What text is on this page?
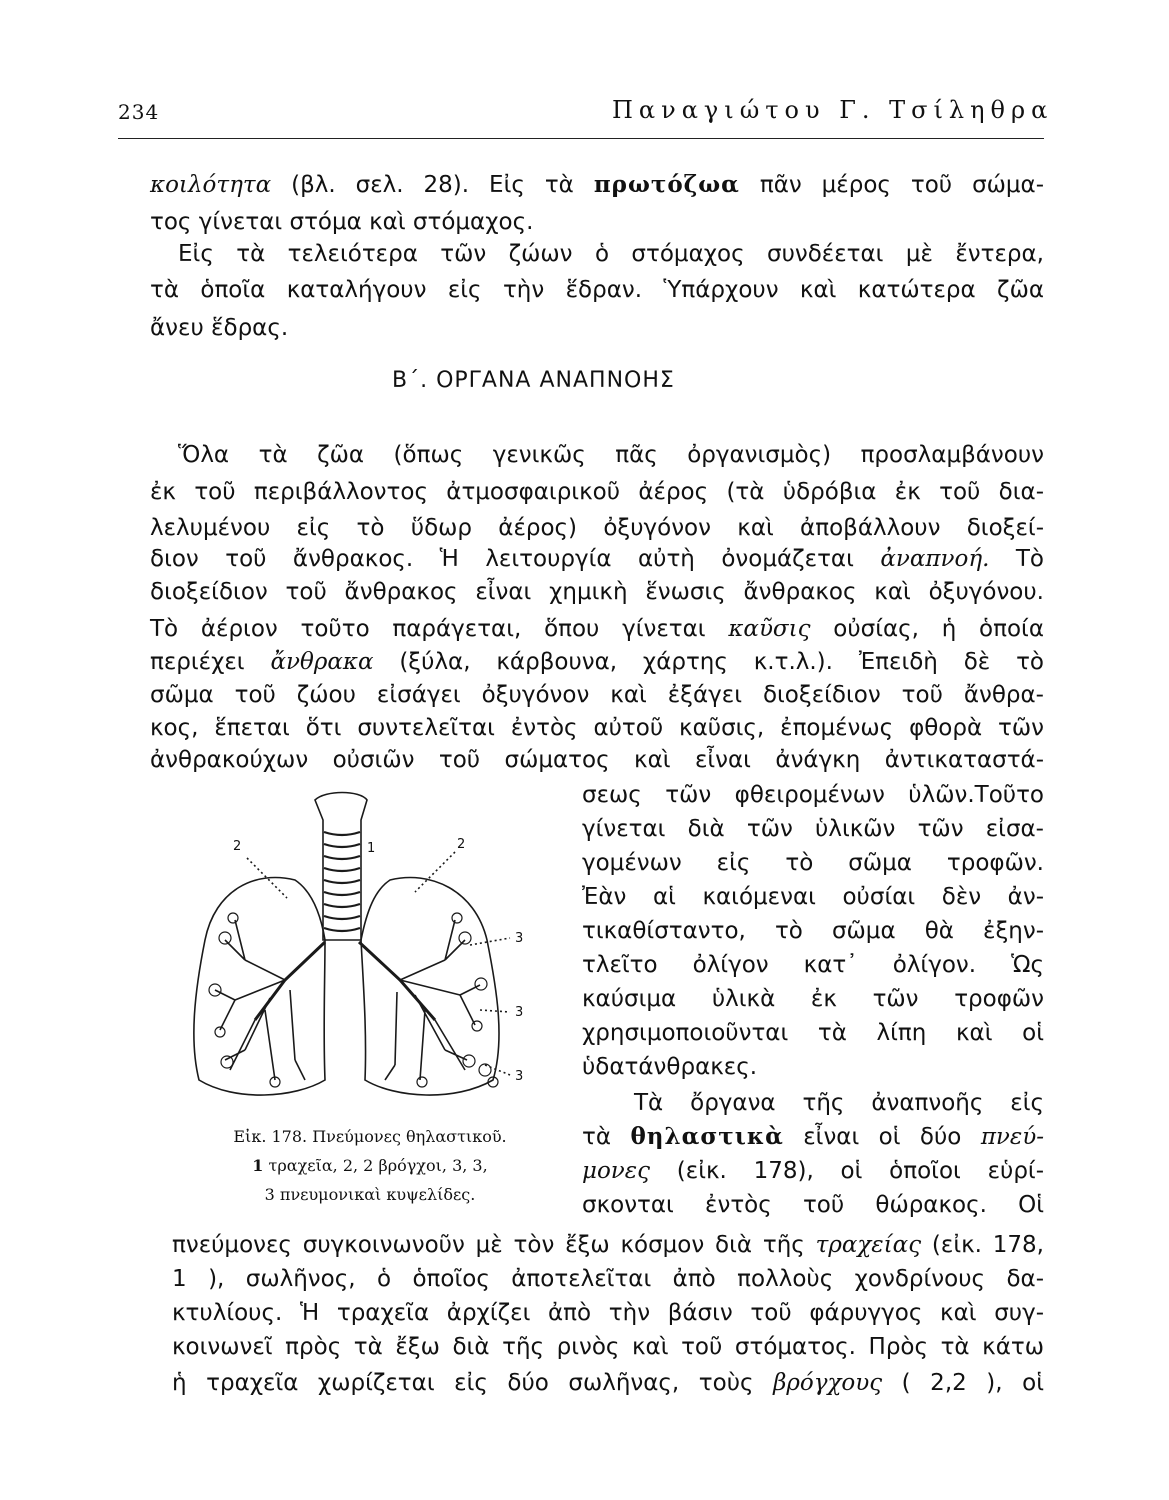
234	Παναγιώτου Γ. Τσίληθρα
κοιλότητα (βλ. σελ. 28). Εἰς τὰ πρωτόζωα πᾶν μέρος τοῦ σώμα-
τος γίνεται στόμα καὶ στόμαχος.
Εἰς τὰ τελειότερα τῶν ζώων ὁ στόμαχος συνδέεται μὲ ἔντερα,
τὰ ὁποῖα καταλήγουν εἰς τὴν ἕδραν. Ὑπάρχουν καὶ κατώτερα ζῶα
ἄνευ ἕδρας.
Β΄. ΟΡΓΑΝΑ ΑΝΑΠΝΟΗΣ
Ὅλα τὰ ζῶα (ὅπως γενικῶς πᾶς ὀργανισμὸς) προσλαμβάνουν
ἐκ τοῦ περιβάλλοντος ἀτμοσφαιρικοῦ ἀέρος (τὰ ὑδρόβια ἐκ τοῦ δια-
λελυμένου εἰς τὸ ὕδωρ ἀέρος) ὀξυγόνον καὶ ἀποβάλλουν διοξεί-
διον τοῦ ἄνθρακος. Ἡ λειτουργία αὐτὴ ὀνομάζεται ἀναπνοή. Τὸ
διοξείδιον τοῦ ἄνθρακος εἶναι χημικὴ ἕνωσις ἄνθρακος καὶ ὀξυγόνου.
Τὸ ἀέριον τοῦτο παράγεται, ὅπου γίνεται καῦσις οὐσίας, ἡ ὁποία
περιέχει ἄνθρακα (ξύλα, κάρβουνα, χάρτης κ.τ.λ.). Ἐπειδὴ δὲ τὸ
σῶμα τοῦ ζώου εἰσάγει ὀξυγόνον καὶ ἐξάγει διοξείδιον τοῦ ἄνθρα-
κος, ἕπεται ὅτι συντελεῖται ἐντὸς αὐτοῦ καῦσις, ἐπομένως φθορὰ τῶν
ἀνθρακούχων οὐσιῶν τοῦ σώματος καὶ εἶναι ἀνάγκη ἀντικαταστά-
σεως τῶν φθειρομένων ὑλῶν.Τοῦτο
γίνεται διὰ τῶν ὑλικῶν τῶν εἰσα-
γομένων εἰς τὸ σῶμα τροφῶν.
Ἐὰν αἱ καιόμεναι οὐσίαι δὲν ἀν-
τικαθίσταντο, τὸ σῶμα θὰ ἐξην-
τλεῖτο ὀλίγον κατ᾽ ὀλίγον. Ὡς
καύσιμα ὑλικὰ ἐκ τῶν τροφῶν
χρησιμοποιοῦνται τὰ λίπη καὶ οἱ
ὑδατάνθρακες.
Τὰ ὄργανα τῆς ἀναπνοῆς εἰς
τὰ θηλαστικὰ εἶναι οἱ δύο πνεύ-
μονες (εἰκ. 178), οἱ ὁποῖοι εὑρί-
σκονται ἐντὸς τοῦ θώρακος. Οἱ
πνεύμονες συγκοινωνοῦν μὲ τὸν ἔξω κόσμον διὰ τῆς τραχείας (εἰκ. 178,
1 ), σωλῆνος, ὁ ὁποῖος ἀποτελεῖται ἀπὸ πολλοὺς χονδρίνους δα-
κτυλίους. Ἡ τραχεῖα ἀρχίζει ἀπὸ τὴν βάσιν τοῦ φάρυγγος καὶ συγ-
κοινωνεῖ πρὸς τὰ ἔξω διὰ τῆς ρινὸς καὶ τοῦ στόματος. Πρὸς τὰ κάτω
ἡ τραχεῖα χωρίζεται εἰς δύο σωλῆνας, τοὺς βρόγχους ( 2,2 ), οἱ
2	1	2
3
3
3
Εἰκ. 178. Πνεύμονες θηλαστικοῦ.
1 τραχεῖα, 2, 2 βρόγχοι, 3, 3,
3 πνευμονικαὶ κυψελίδες.
